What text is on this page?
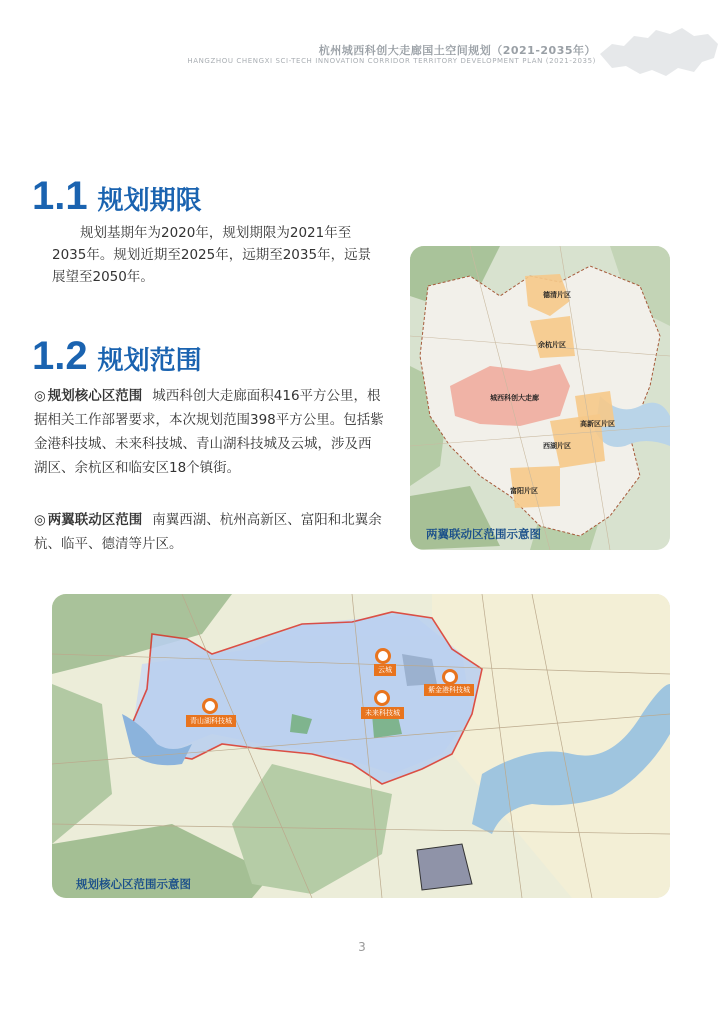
杭州城西科创大走廊国土空间规划（2021-2035年）
HANGZHOU CHENGXI SCI-TECH INNOVATION CORRIDOR TERRITORY DEVELOPMENT PLAN (2021-2035)
1.1 规划期限
规划基期年为2020年，规划期限为2021年至2035年。规划近期至2025年，远期至2035年，远景展望至2050年。
1.2 规划范围
◎ 规划核心区范围 城西科创大走廊面积416平方公里，根据相关工作部署要求，本次规划范围398平方公里。包括紫金港科技城、未来科技城、青山湖科技城及云城，涉及西湖区、余杭区和临安区18个镇街。
◎ 两翼联动区范围 南翼西湖、杭州高新区、富阳和北翼余杭、临平、德清等片区。
德清片区
余杭片区
城西科创大走廊
高新区片区
西湖片区
富阳片区
两翼联动区范围示意图
云城
紫金港科技城
未来科技城
青山湖科技城
规划核心区范围示意图
3
